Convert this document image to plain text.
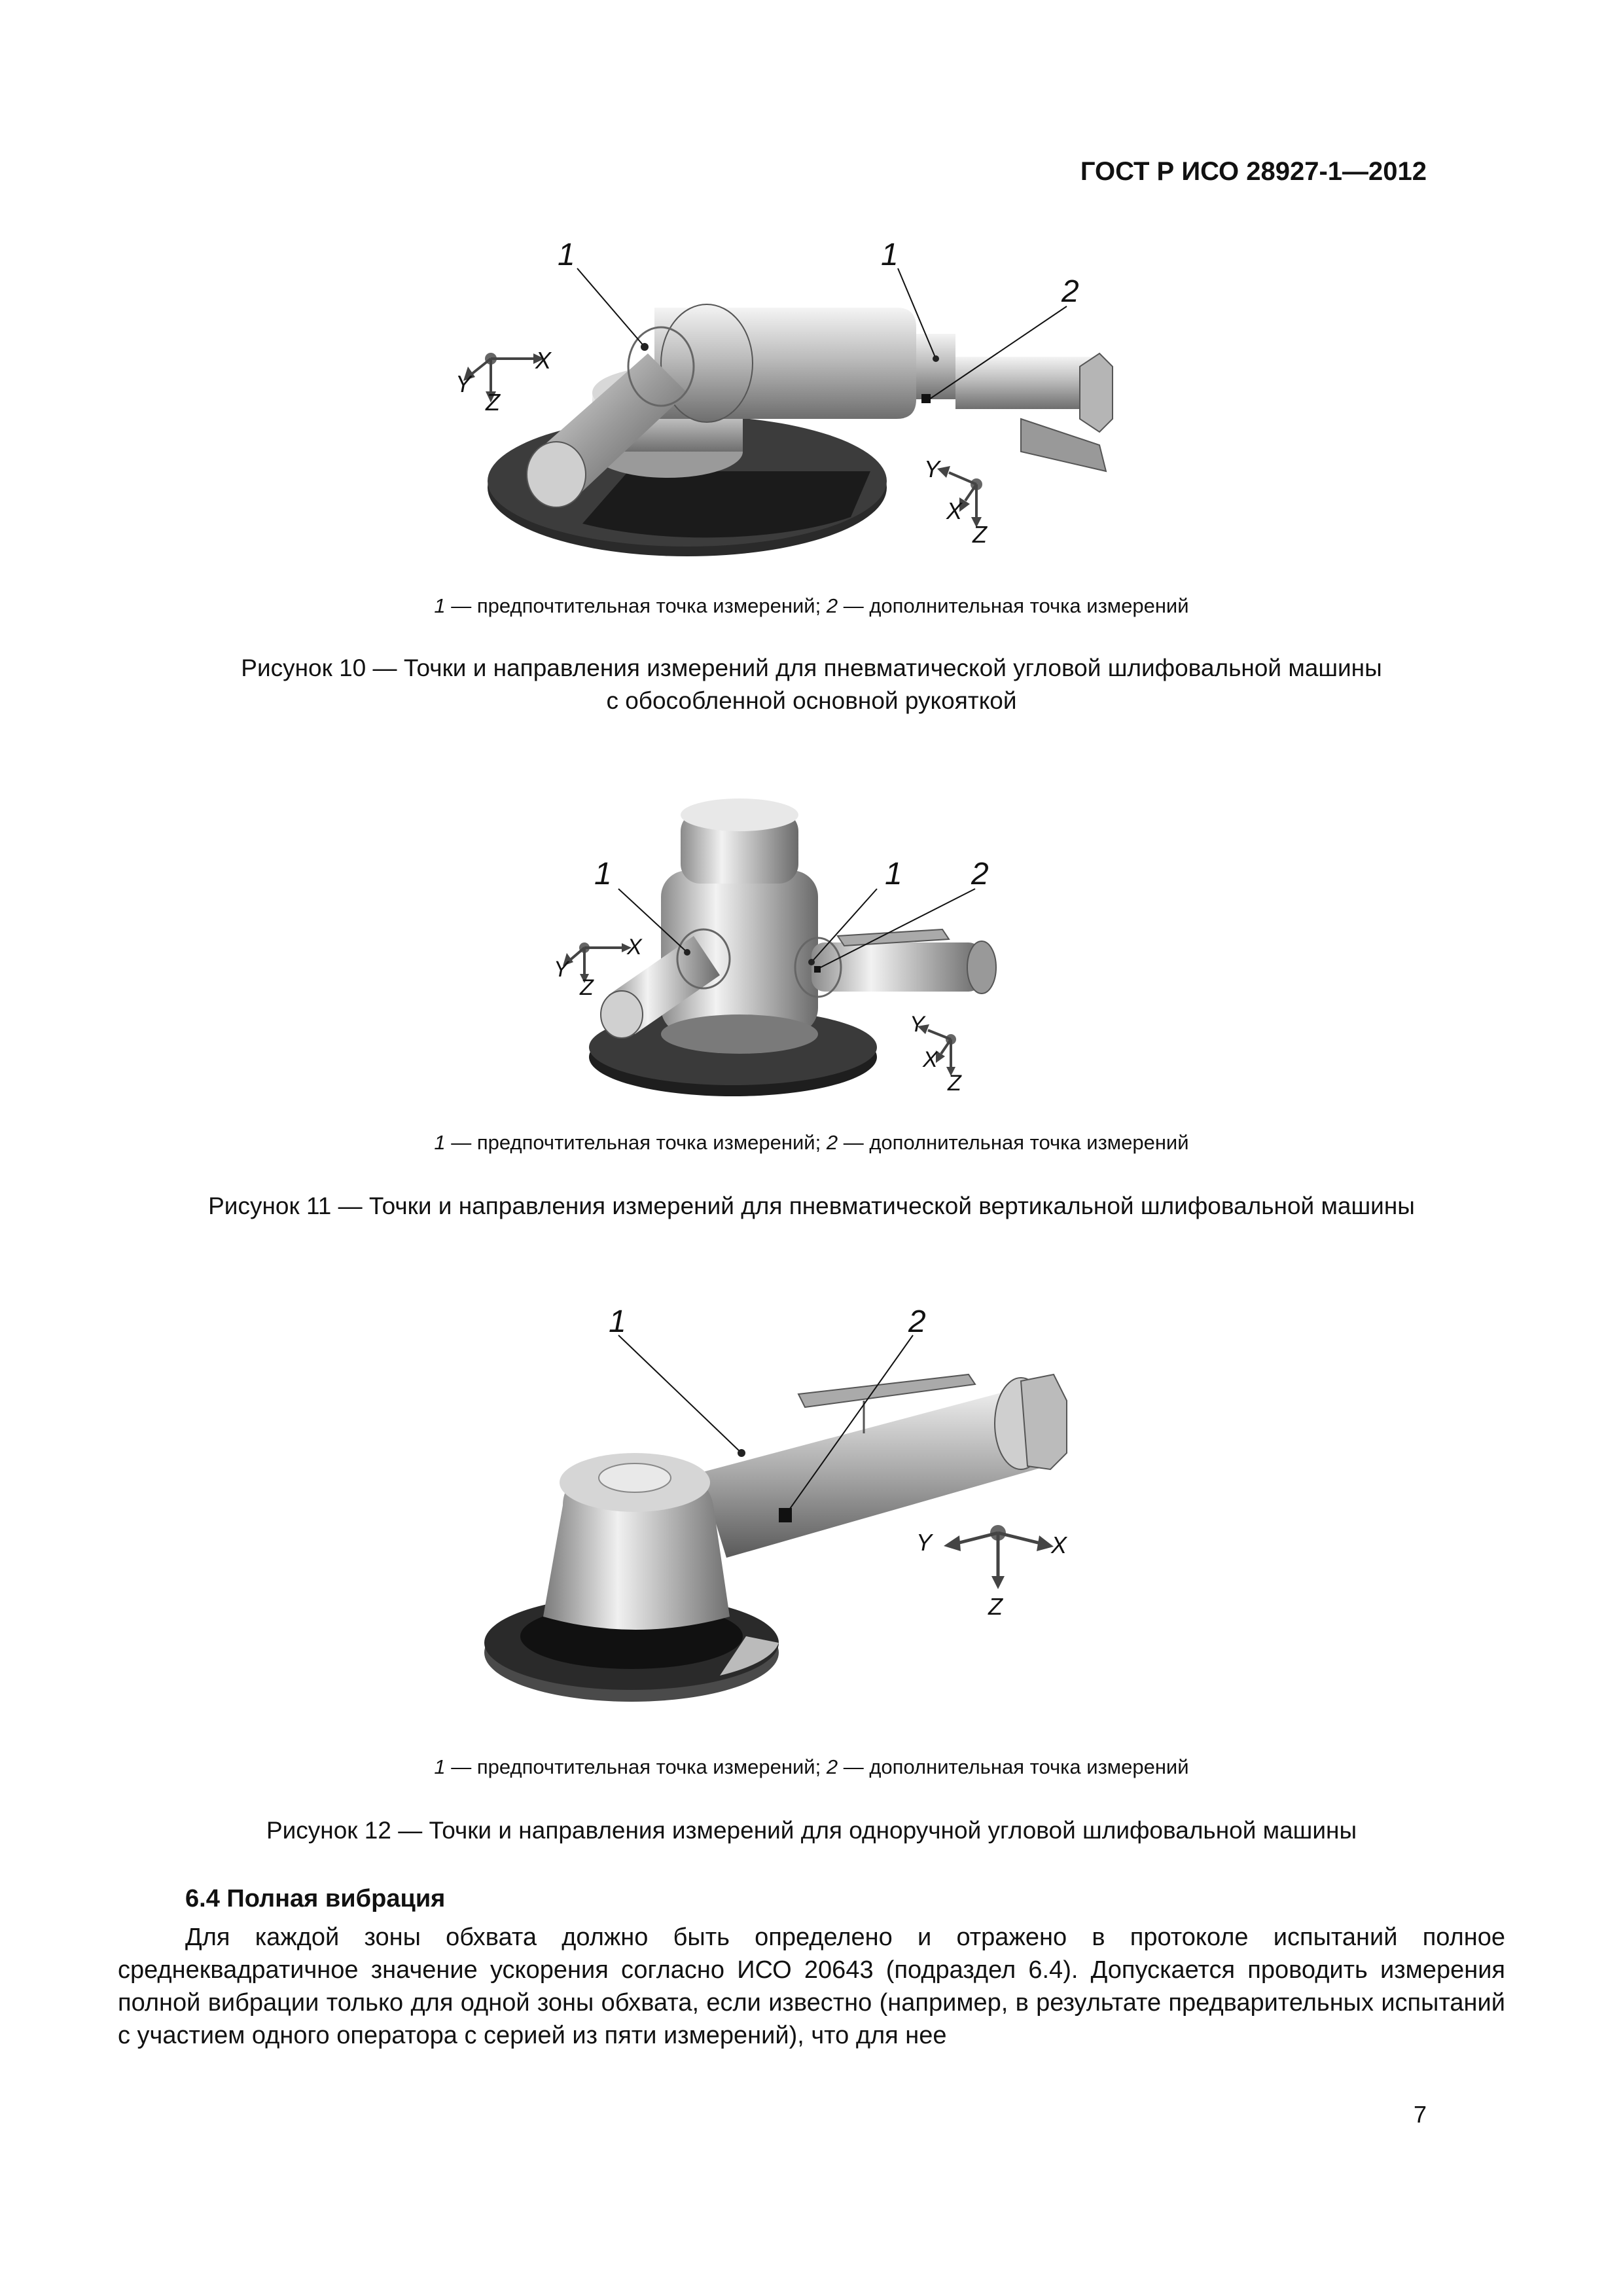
ГОСТ Р ИСО 28927-1—2012
1	1
2
X
Y
Z
Y
X
Z
1 — предпочтительная точка измерений; 2 — дополнительная точка измерений
Рисунок 10 — Точки и направления измерений для пневматической угловой шлифовальной машины
с обособленной основной рукояткой
1	1 2
X
Y
Z
Y
X
Z
1 — предпочтительная точка измерений; 2 — дополнительная точка измерений
Рисунок 11 — Точки и направления измерений для пневматической вертикальной шлифовальной машины
1	2
X
Y
Z
1 — предпочтительная точка измерений; 2 — дополнительная точка измерений
Рисунок 12 — Точки и направления измерений для одноручной угловой шлифовальной машины
6.4 Полная вибрация
Для каждой зоны обхвата должно быть определено и отражено в протоколе испытаний полное среднеквадратичное значение ускорения согласно ИСО 20643 (подраздел 6.4). Допускается проводить измерения полной вибрации только для одной зоны обхвата, если известно (например, в результате предварительных испытаний с участием одного оператора с серией из пяти измерений), что для нее
7
